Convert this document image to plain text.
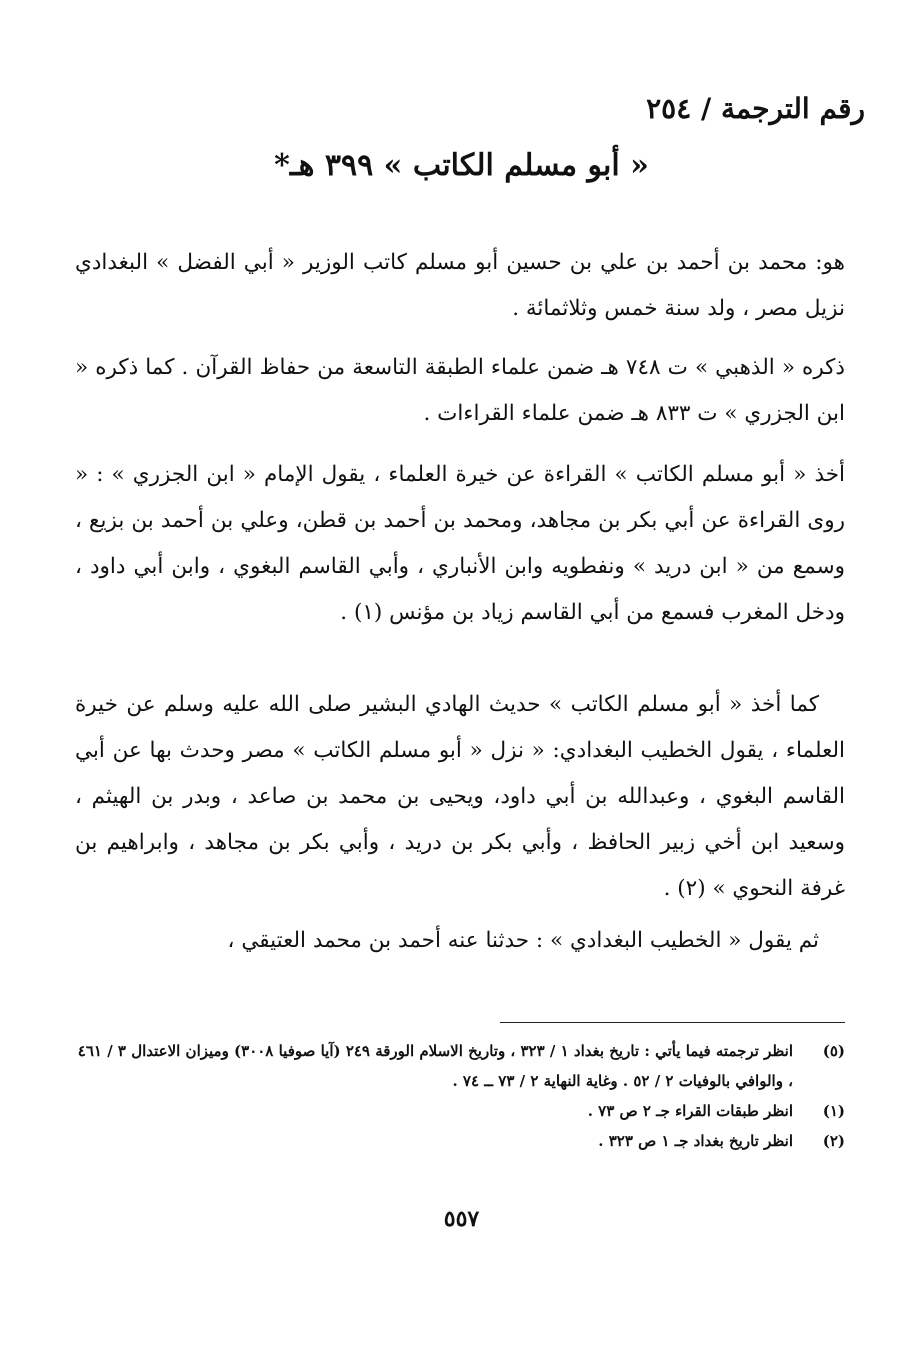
رقم الترجمة / ٢٥٤
« أبو مسلم الكاتب » ٣٩٩ هـ*
هو: محمد بن أحمد بن علي بن حسين أبو مسلم كاتب الوزير « أبي الفضل » البغدادي نزيل مصر ، ولد سنة خمس وثلاثمائة .
ذكره « الذهبي » ت ٧٤٨ هـ ضمن علماء الطبقة التاسعة من حفاظ القرآن . كما ذكره « ابن الجزري » ت ٨٣٣ هـ ضمن علماء القراءات .
أخذ « أبو مسلم الكاتب » القراءة عن خيرة العلماء ، يقول الإمام « ابن الجزري » : « روى القراءة عن أبي بكر بن مجاهد، ومحمد بن أحمد بن قطن، وعلي بن أحمد بن بزيع ، وسمع من « ابن دريد » ونفطويه وابن الأنباري ، وأبي القاسم البغوي ، وابن أبي داود ، ودخل المغرب فسمع من أبي القاسم زياد بن مؤنس (١) .
كما أخذ « أبو مسلم الكاتب » حديث الهادي البشير صلى الله عليه وسلم عن خيرة العلماء ، يقول الخطيب البغدادي: « نزل « أبو مسلم الكاتب » مصر وحدث بها عن أبي القاسم البغوي ، وعبدالله بن أبي داود، ويحيى بن محمد بن صاعد ، وبدر بن الهيثم ، وسعيد ابن أخي زبير الحافظ ، وأبي بكر بن دريد ، وأبي بكر بن مجاهد ، وابراهيم بن غرفة النحوي » (٢) .
ثم يقول « الخطيب البغدادي » : حدثنا عنه أحمد بن محمد العتيقي ،
(٥)
انظر ترجمته فيما يأتي : تاريخ بغداد ١ / ٣٢٣ ، وتاريخ الاسلام الورقة ٢٤٩ (آيا صوفيا ٣٠٠٨) وميزان الاعتدال ٣ / ٤٦١ ، والوافي بالوفيات ٢ / ٥٢ . وغاية النهاية ٢ / ٧٣ ــ ٧٤ .
(١)
انظر طبقات القراء جـ ٢ ص ٧٣ .
(٢)
انظر تاريخ بغداد جـ ١ ص ٣٢٣ .
٥٥٧
